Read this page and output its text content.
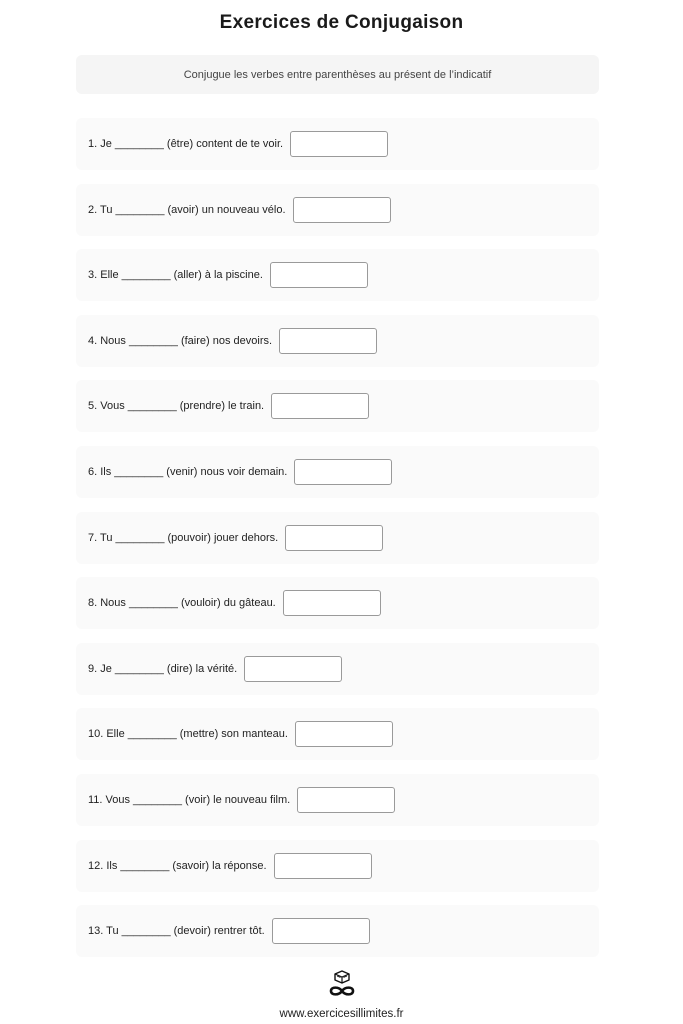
Exercices de Conjugaison
Conjugue les verbes entre parenthèses au présent de l’indicatif
1. Je ________ (être) content de te voir.
2. Tu ________ (avoir) un nouveau vélo.
3. Elle ________ (aller) à la piscine.
4. Nous ________ (faire) nos devoirs.
5. Vous ________ (prendre) le train.
6. Ils ________ (venir) nous voir demain.
7. Tu ________ (pouvoir) jouer dehors.
8. Nous ________ (vouloir) du gâteau.
9. Je ________ (dire) la vérité.
10. Elle ________ (mettre) son manteau.
11. Vous ________ (voir) le nouveau film.
12. Ils ________ (savoir) la réponse.
13. Tu ________ (devoir) rentrer tôt.
www.exercicesillimites.fr
